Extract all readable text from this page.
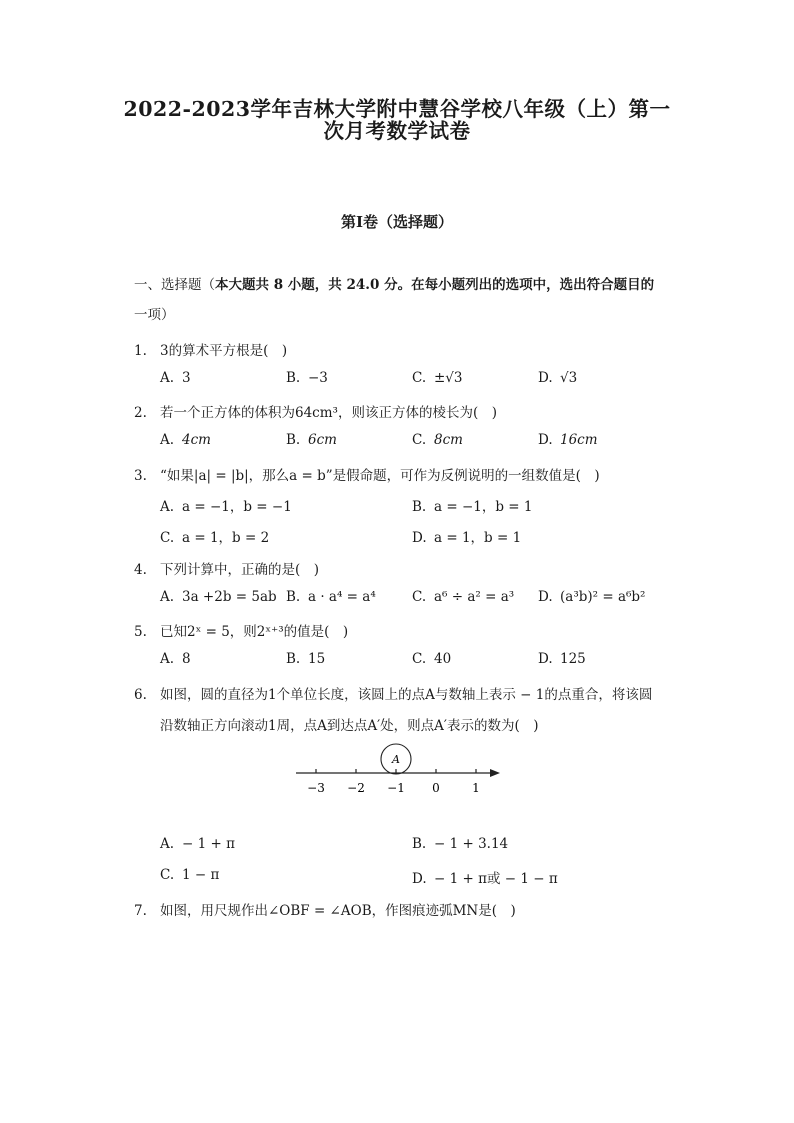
2022-2023学年吉林大学附中慧谷学校八年级（上）第一
次月考数学试卷
第Ⅰ卷（选择题）
一、选择题（本大题共 8 小题，共 24.0 分。在每小题列出的选项中，选出符合题目的
一项）
1. 3的算术平方根是(　)
A. 3	B. −3	C. ±√3	D. √3
2. 若一个正方体的体积为64cm³，则该正方体的棱长为(　)
A. 4cm	B. 6cm	C. 8cm	D. 16cm
3. “如果|a| = |b|，那么a = b”是假命题，可作为反例说明的一组数值是(　)
A. a = −1，b = −1	B. a = −1，b = 1
C. a = 1，b = 2	D. a = 1，b = 1
4. 下列计算中，正确的是(　)
A. 3a +2b = 5ab B. a · a⁴ = a⁴	C. a⁶ ÷ a² = a³ D. (a³b)² = a⁶b²
5. 已知2ˣ = 5，则2ˣ⁺³的值是(　)
A. 8	B. 15	C. 40	D. 125
6. 如图，圆的直径为1个单位长度，该圆上的点A与数轴上表示 − 1的点重合，将该圆
沿数轴正方向滚动1周，点A到达点A′处，则点A′表示的数为(　)
A
−3 −2 −1 0	1
A. − 1 + π	B. − 1 + 3.14
C. 1 − π	D. − 1 + π或 − 1 − π
7. 如图，用尺规作出∠OBF = ∠AOB，作图痕迹弧MN是(　)
